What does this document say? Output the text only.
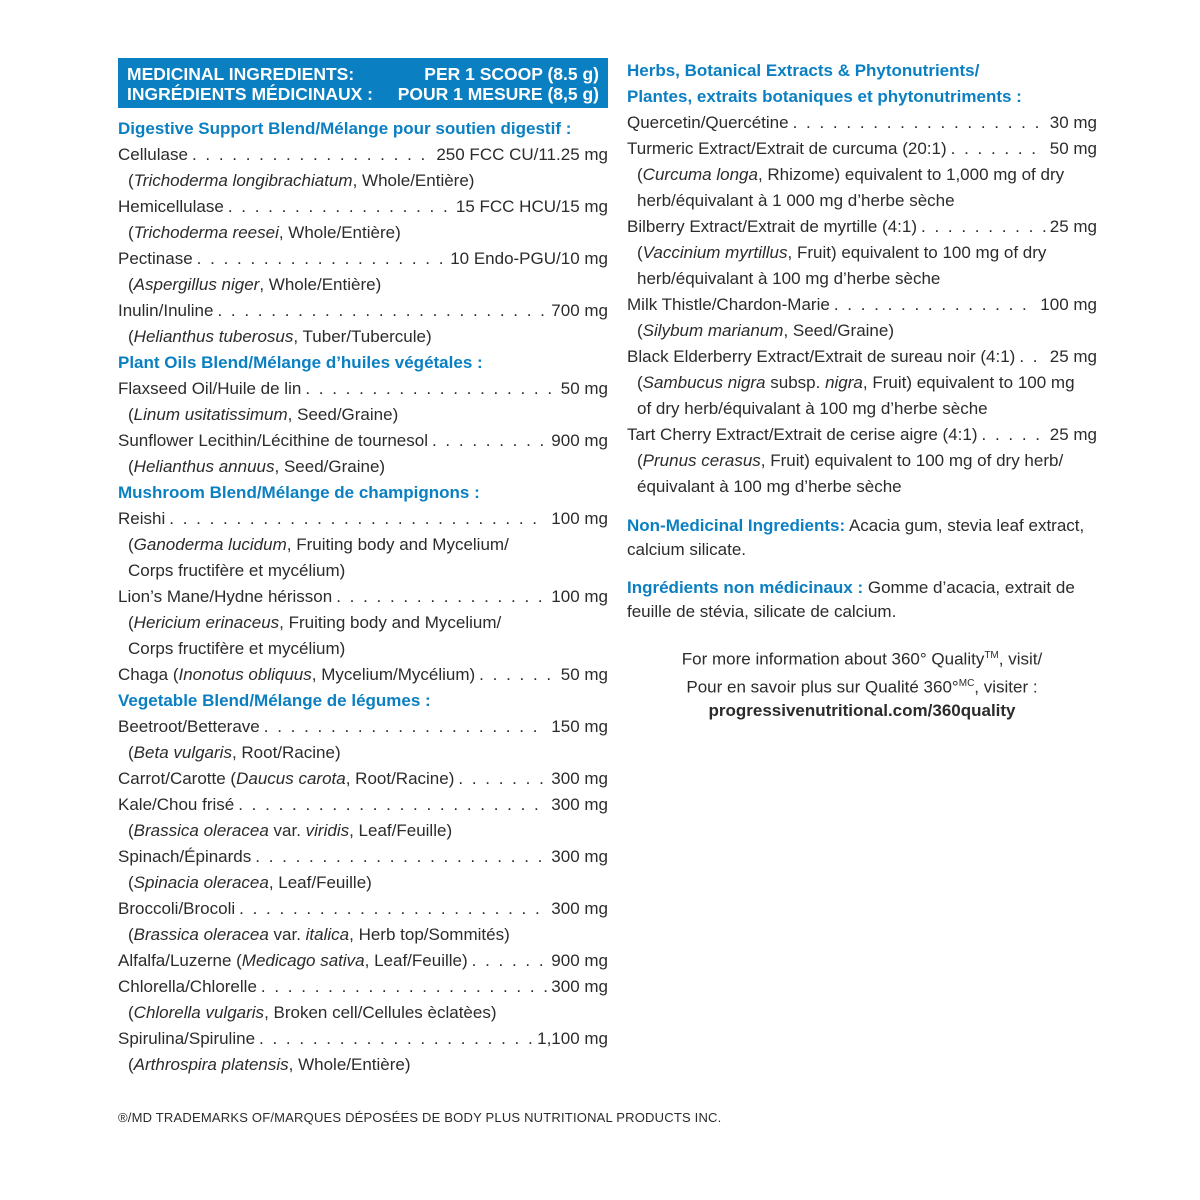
MEDICINAL INGREDIENTS:	PER 1 SCOOP (8.5 g)
INGRÉDIENTS MÉDICINAUX : POUR 1 MESURE (8,5 g)
Digestive Support Blend/Mélange pour soutien digestif :
Cellulase . . .	250 FCC CU/11.25 mg
(Trichoderma longibrachiatum, Whole/Entière)
Hemicellulase . . .	15 FCC HCU/15 mg
(Trichoderma reesei, Whole/Entière)
Pectinase . . .	10 Endo-PGU/10 mg
(Aspergillus niger, Whole/Entière)
Inulin/Inuline . . .	700 mg
(Helianthus tuberosus, Tuber/Tubercule)
Plant Oils Blend/Mélange d’huiles végétales :
Flaxseed Oil/Huile de lin . . .	50 mg
(Linum usitatissimum, Seed/Graine)
Sunflower Lecithin/Lécithine de tournesol . . .	900 mg
(Helianthus annuus, Seed/Graine)
Mushroom Blend/Mélange de champignons :
Reishi . . .	100 mg
(Ganoderma lucidum, Fruiting body and Mycelium/
Corps fructifère et mycélium)
Lion’s Mane/Hydne hérisson . . .	100 mg
(Hericium erinaceus, Fruiting body and Mycelium/
Corps fructifère et mycélium)
Chaga (Inonotus obliquus, Mycelium/Mycélium) . . .	50 mg
Vegetable Blend/Mélange de légumes :
Beetroot/Betterave . . .	150 mg
(Beta vulgaris, Root/Racine)
Carrot/Carotte (Daucus carota, Root/Racine) . . .	300 mg
Kale/Chou frisé . . .	300 mg
(Brassica oleracea var. viridis, Leaf/Feuille)
Spinach/Épinards . . .	300 mg
(Spinacia oleracea, Leaf/Feuille)
Broccoli/Brocoli . . .	300 mg
(Brassica oleracea var. italica, Herb top/Sommités)
Alfalfa/Luzerne (Medicago sativa, Leaf/Feuille) . . .	900 mg
Chlorella/Chlorelle . . .	300 mg
(Chlorella vulgaris, Broken cell/Cellules èclatèes)
Spirulina/Spiruline . . .	1,100 mg
(Arthrospira platensis, Whole/Entière)
Herbs, Botanical Extracts & Phytonutrients/
Plantes, extraits botaniques et phytonutriments :
Quercetin/Quercétine . . .	30 mg
Turmeric Extract/Extrait de curcuma (20:1) . . .	50 mg
(Curcuma longa, Rhizome) equivalent to 1,000 mg of dry
herb/équivalant à 1 000 mg d’herbe sèche
Bilberry Extract/Extrait de myrtille (4:1) . . .	25 mg
(Vaccinium myrtillus, Fruit) equivalent to 100 mg of dry
herb/équivalant à 100 mg d’herbe sèche
Milk Thistle/Chardon-Marie . . .	100 mg
(Silybum marianum, Seed/Graine)
Black Elderberry Extract/Extrait de sureau noir (4:1) . . . 25 mg
(Sambucus nigra subsp. nigra, Fruit) equivalent to 100 mg
of dry herb/équivalant à 100 mg d’herbe sèche
Tart Cherry Extract/Extrait de cerise aigre (4:1) . . .	25 mg
(Prunus cerasus, Fruit) equivalent to 100 mg of dry herb/
équivalant à 100 mg d’herbe sèche
Non-Medicinal Ingredients: Acacia gum, stevia leaf extract, calcium silicate.
Ingrédients non médicinaux : Gomme d’acacia, extrait de feuille de stévia, silicate de calcium.
For more information about 360° Quality™, visit/
Pour en savoir plus sur Qualité 360°$^{MC}$, visiter :
progressivenutritional.com/360quality
®/MD TRADEMARKS OF/MARQUES DÉPOSÉES DE BODY PLUS NUTRITIONAL PRODUCTS INC.
